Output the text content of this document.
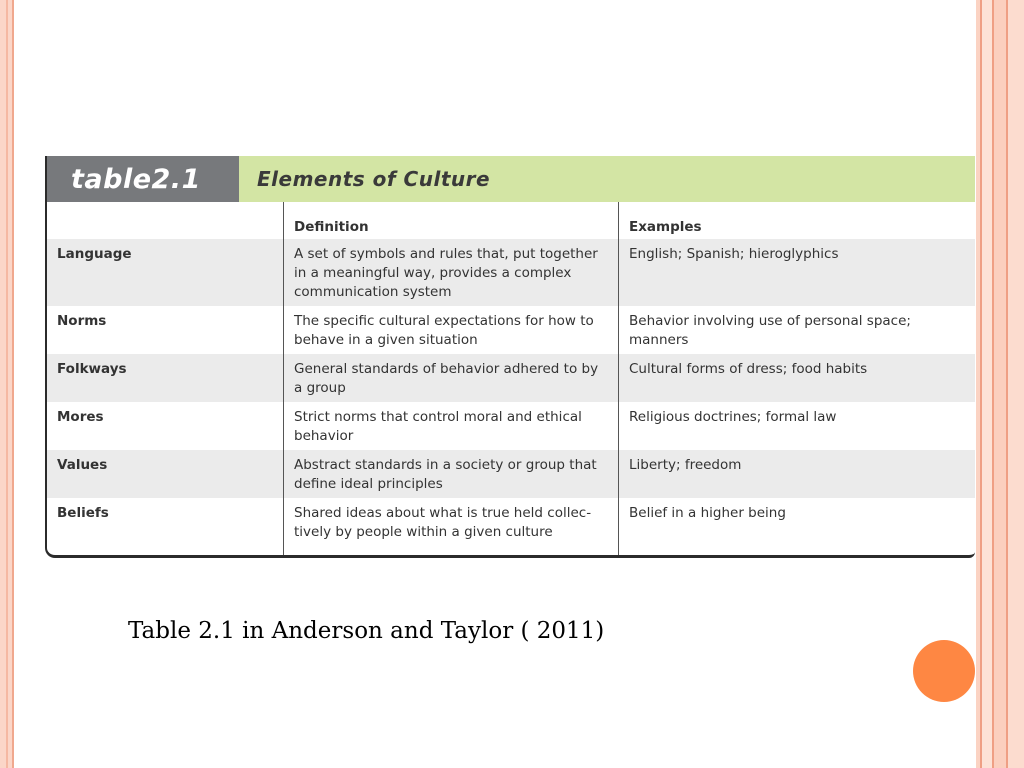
table2.1	Elements of Culture
	Definition	Examples
Language	A set of symbols and rules that, put together in a meaningful way, provides a complex communication system	English; Spanish; hieroglyphics
Norms	The specific cultural expectations for how to behave in a given situation	Behavior involving use of personal space; manners
Folkways	General standards of behavior adhered to by a group	Cultural forms of dress; food habits
Mores	Strict norms that control moral and ethical behavior	Religious doctrines; formal law
Values	Abstract standards in a society or group that define ideal principles	Liberty; freedom
Beliefs	Shared ideas about what is true held collec-tively by people within a given culture	Belief in a higher being
Table 2.1 in Anderson and Taylor ( 2011)
